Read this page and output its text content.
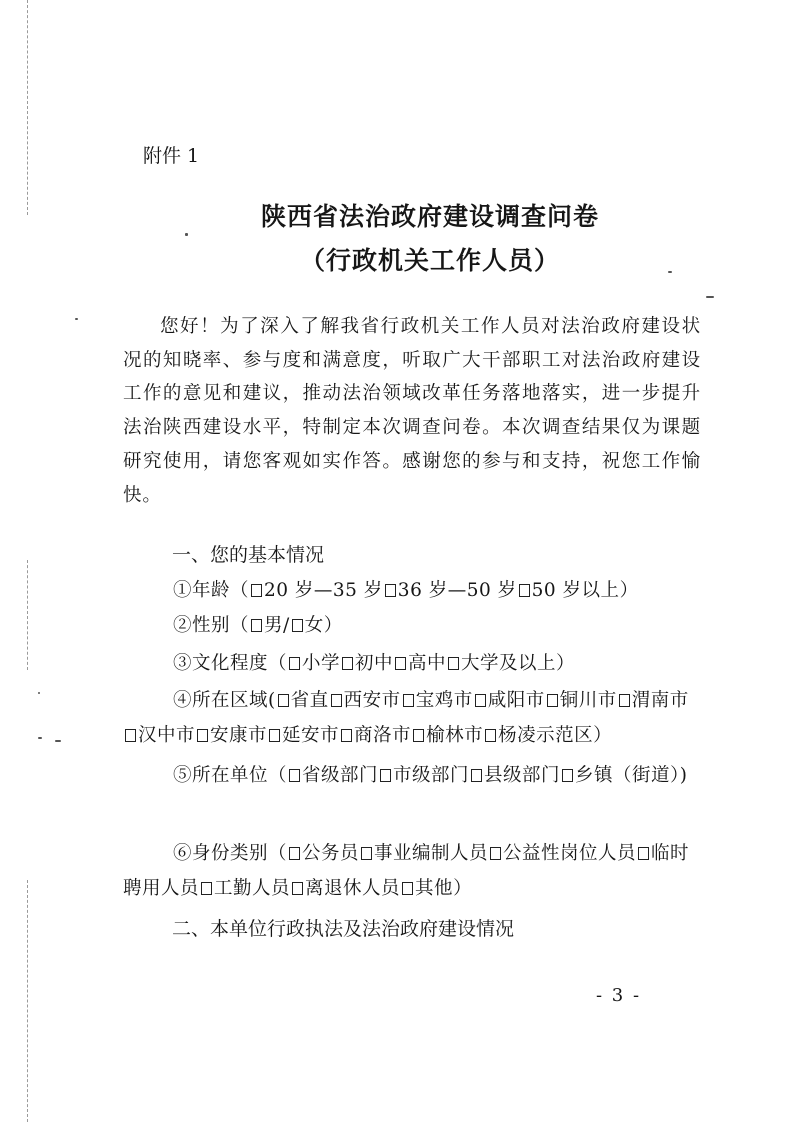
附件 1
陕西省法治政府建设调查问卷
（行政机关工作人员）

您好！为了深入了解我省行政机关工作人员对法治政府建设状况的知晓率、参与度和满意度，听取广大干部职工对法治政府建设工作的意见和建议，推动法治领域改革任务落地落实，进一步提升法治陕西建设水平，特制定本次调查问卷。本次调查结果仅为课题研究使用，请您客观如实作答。感谢您的参与和支持，祝您工作愉快。

一、您的基本情况

①年龄（ 20 岁—35 岁 36 岁—50 岁 50 岁以上）

②性别（ 男/ 女）

③文化程度（ 小学 初中 高中 大学及以上）

④所在区域( 省直 西安市 宝鸡市 咸阳市 铜川市 渭南市汉中市 安康市 延安市 商洛市 榆林市 杨凌示范区）

⑤所在单位（ 省级部门 市级部门 县级部门 乡镇（街道）)

⑥身份类别（ 公务员 事业编制人员 公益性岗位人员 临时聘用人员 工勤人员 离退休人员 其他）

二、本单位行政执法及法治政府建设情况
- 3 -
